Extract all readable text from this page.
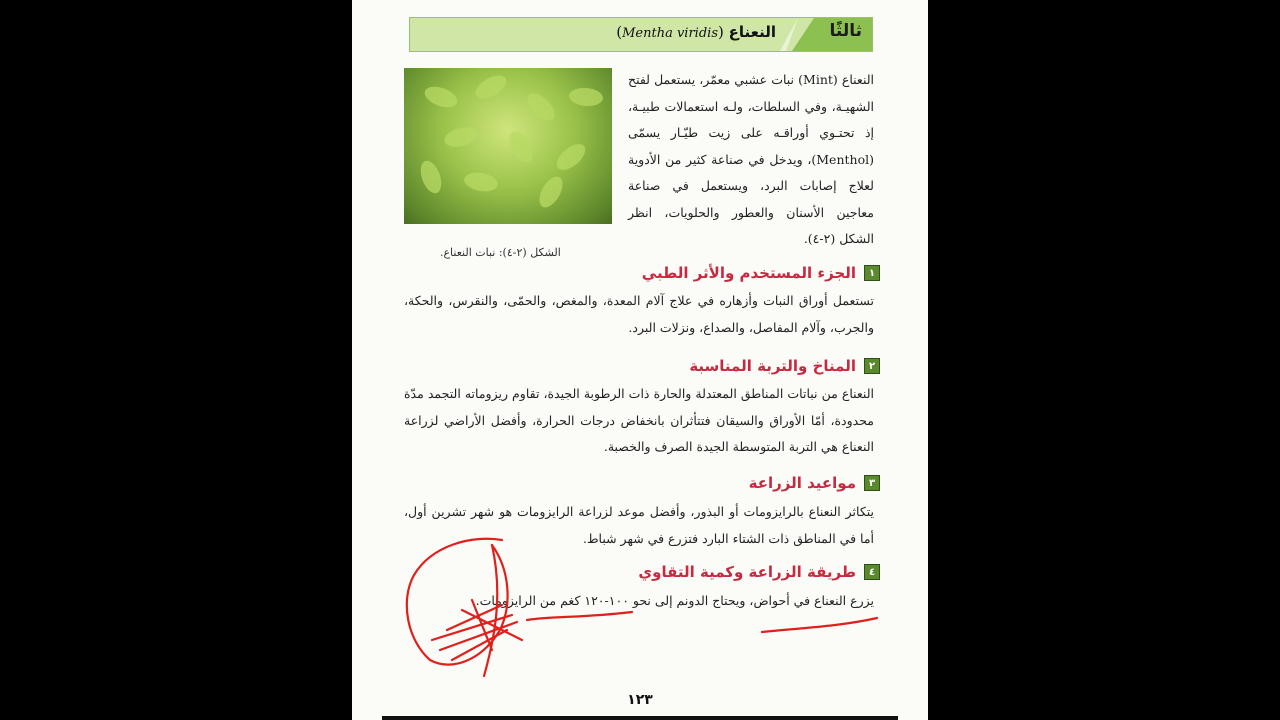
ثالثًا
النعناع (Mentha viridis)
الشكل (٢-٤): نبات النعناع.
النعناع (Mint) نبات عشبي معمّر، يستعمل لفتح الشهيـة، وفي السلطات، ولـه استعمالات طبيـة، إذ تحتـوي أوراقـه على زيت طيّـار يسمّى (Menthol)، ويدخل في صناعة كثير من الأدوية لعلاج إصابات البرد، ويستعمل في صناعة معاجين الأسنان والعطور والحلويات، انظر الشكل (٢-٤).
١
الجزء المستخدم والأثر الطبي
تستعمل أوراق النبات وأزهاره في علاج آلام المعدة، والمغص، والحمّى، والنقرس، والحكة، والجرب، وآلام المفاصل، والصداع، ونزلات البرد.
٢
المناخ والتربة المناسبة
النعناع من نباتات المناطق المعتدلة والحارة ذات الرطوبة الجيدة، تقاوم ريزوماته التجمد مدّة محدودة، أمّا الأوراق والسيقان فتتأثران بانخفاض درجات الحرارة، وأفضل الأراضي لزراعة النعناع هي التربة المتوسطة الجيدة الصرف والخصبة.
٣
مواعيد الزراعة
يتكاثر النعناع بالرايزومات أو البذور، وأفضل موعد لزراعة الرايزومات هو شهر تشرين أول، أما في المناطق ذات الشتاء البارد فتزرع في شهر شباط.
٤
طريقة الزراعة وكمية التقاوي
يزرع النعناع في أحواض، ويحتاج الدونم إلى نحو ١٠٠-١٢٠ كغم من الرايزومات.
١٢٣
